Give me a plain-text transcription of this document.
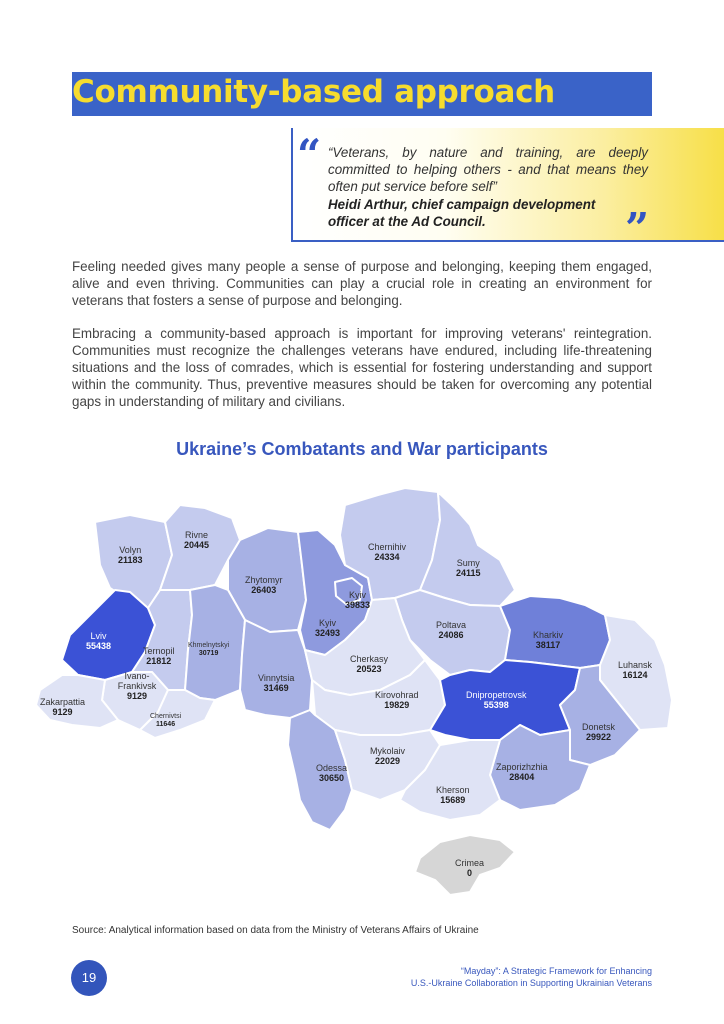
Community-based approach
“ “Veterans, by nature and training, are deeply committed to helping others - and that means they often put service before self”
Heidi Arthur, chief campaign development officer at the Ad Council.	”

Feeling needed gives many people a sense of purpose and belonging, keeping them engaged, alive and even thriving. Communities can play a crucial role in creating an environment for veterans that fosters a sense of purpose and belonging.

Embracing a community-based approach is important for improving veterans' reintegration. Communities must recognize the challenges veterans have endured, including life-threatening situations and the loss of comrades, which is essential for fostering understanding and support within the community. Thus, preventive measures should be taken for overcoming any potential gaps in understanding of military and civilians.

Ukraine’s Combatants and War participants
Volyn
21183
Rivne
20445
Zhytomyr
26403
Kyiv
32493
Kyiv
39833
Chernihiv
24334
Sumy
24115
Poltava
24086	Kharkiv
38117
Luhansk
16124
Lviv
55438	Ternopil
21812
Khmelnytskyi
30719
Vinnytsia
31469
Cherkasy
20523
Ivano-Frankivsk
9129
Zakarpattia
9129	Chernivtsi
11646
Kirovohrad
19829
Dnipropetrovsk
55398
Donetsk
29922
Odessa
30650
Mykolaiv
22029
Zaporizhzhia
28404
Kherson
15689
Crimea
0
Source: Analytical information based on data from the Ministry of Veterans Affairs of Ukraine
19	“Mayday”: A Strategic Framework for Enhancing
U.S.-Ukraine Collaboration in Supporting Ukrainian Veterans
